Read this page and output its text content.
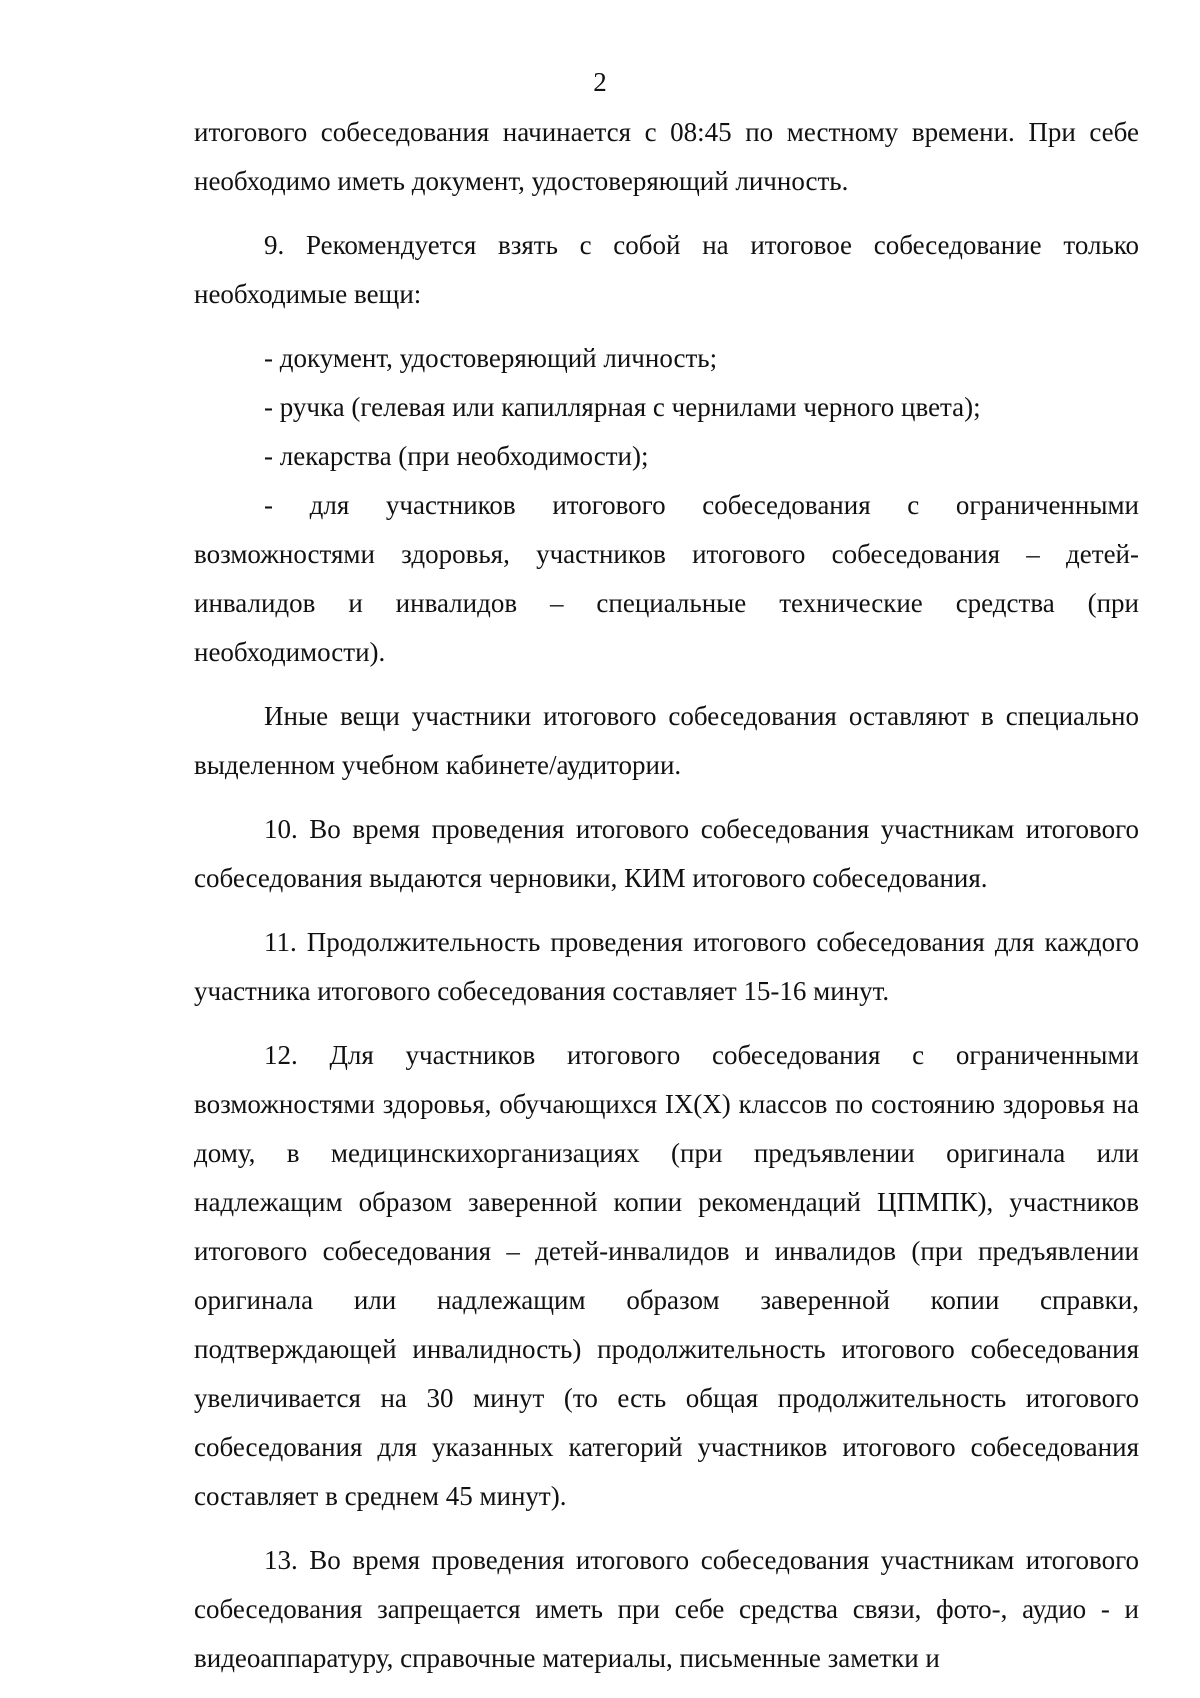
2

итогового собеседования начинается с 08:45 по местному времени. При себе необходимо иметь документ, удостоверяющий личность.

9. Рекомендуется взять с собой на итоговое собеседование только необходимые вещи:

- документ, удостоверяющий личность;

- ручка (гелевая или капиллярная с чернилами черного цвета);

- лекарства (при необходимости);

- для участников итогового собеседования с ограниченными возможностями здоровья, участников итогового собеседования – детей-инвалидов и инвалидов – специальные технические средства (при необходимости).

Иные вещи участники итогового собеседования оставляют в специально выделенном учебном кабинете/аудитории.

10. Во время проведения итогового собеседования участникам итогового собеседования выдаются черновики, КИМ итогового собеседования.

11. Продолжительность проведения итогового собеседования для каждого участника итогового собеседования составляет 15-16 минут.

12. Для участников итогового собеседования с ограниченными возможностями здоровья, обучающихся IX(X) классов по состоянию здоровья на дому, в медицинскихорганизациях (при предъявлении оригинала или надлежащим образом заверенной копии рекомендаций ЦПМПК), участников итогового собеседования – детей-инвалидов и инвалидов (при предъявлении оригинала или надлежащим образом заверенной копии справки, подтверждающей инвалидность) продолжительность итогового собеседования увеличивается на 30 минут (то есть общая продолжительность итогового собеседования для указанных категорий участников итогового собеседования составляет в среднем 45 минут).

13. Во время проведения итогового собеседования участникам итогового собеседования запрещается иметь при себе средства связи, фото-, аудио - и видеоаппаратуру, справочные материалы, письменные заметки и
